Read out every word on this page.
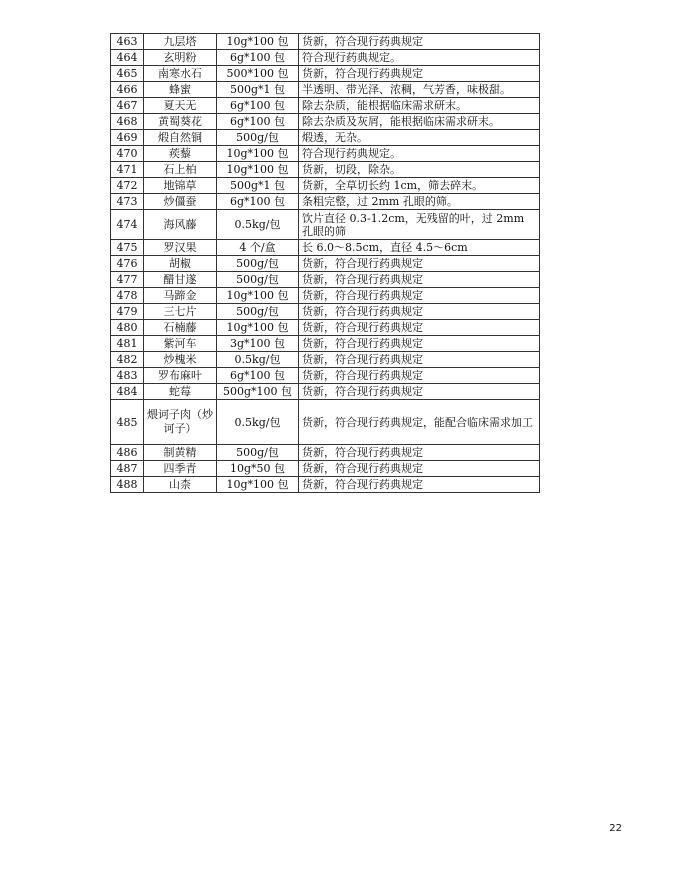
463	九层塔	10g*100 包	货新，符合现行药典规定
464	玄明粉	6g*100 包	符合现行药典规定。
465	南寒水石	500*100 包	货新，符合现行药典规定
466	蜂蜜	500g*1 包	半透明、带光泽、浓稠，气芳香，味极甜。
467	夏天无	6g*100 包	除去杂质，能根据临床需求研末。
468	黄蜀葵花	6g*100 包	除去杂质及灰屑，能根据临床需求研末。
469	煅自然铜	500g/包	煅透，无杂。
470	蒺藜	10g*100 包	符合现行药典规定。
471	石上柏	10g*100 包	货新，切段，除杂。
472	地锦草	500g*1 包	货新，全草切长约 1cm，筛去碎末。
473	炒僵蚕	6g*100 包	条粗完整，过 2mm 孔眼的筛。
474	海风藤	0.5kg/包	饮片直径 0.3-1.2cm，无残留的叶，过 2mm 孔眼的筛
475	罗汉果	4 个/盒	长 6.0～8.5cm，直径 4.5～6cm
476	胡椒	500g/包	货新，符合现行药典规定
477	醋甘遂	500g/包	货新，符合现行药典规定
478	马蹄金	10g*100 包	货新，符合现行药典规定
479	三七片	500g/包	货新，符合现行药典规定
480	石楠藤	10g*100 包	货新，符合现行药典规定
481	紫河车	3g*100 包	货新，符合现行药典规定
482	炒槐米	0.5kg/包	货新，符合现行药典规定
483	罗布麻叶	6g*100 包	货新，符合现行药典规定
484	蛇莓	500g*100 包	货新，符合现行药典规定
485	煨诃子肉（炒诃子）	0.5kg/包	货新，符合现行药典规定，能配合临床需求加工
486	制黄精	500g/包	货新，符合现行药典规定
487	四季青	10g*50 包	货新，符合现行药典规定
488	山柰	10g*100 包	货新，符合现行药典规定
22
